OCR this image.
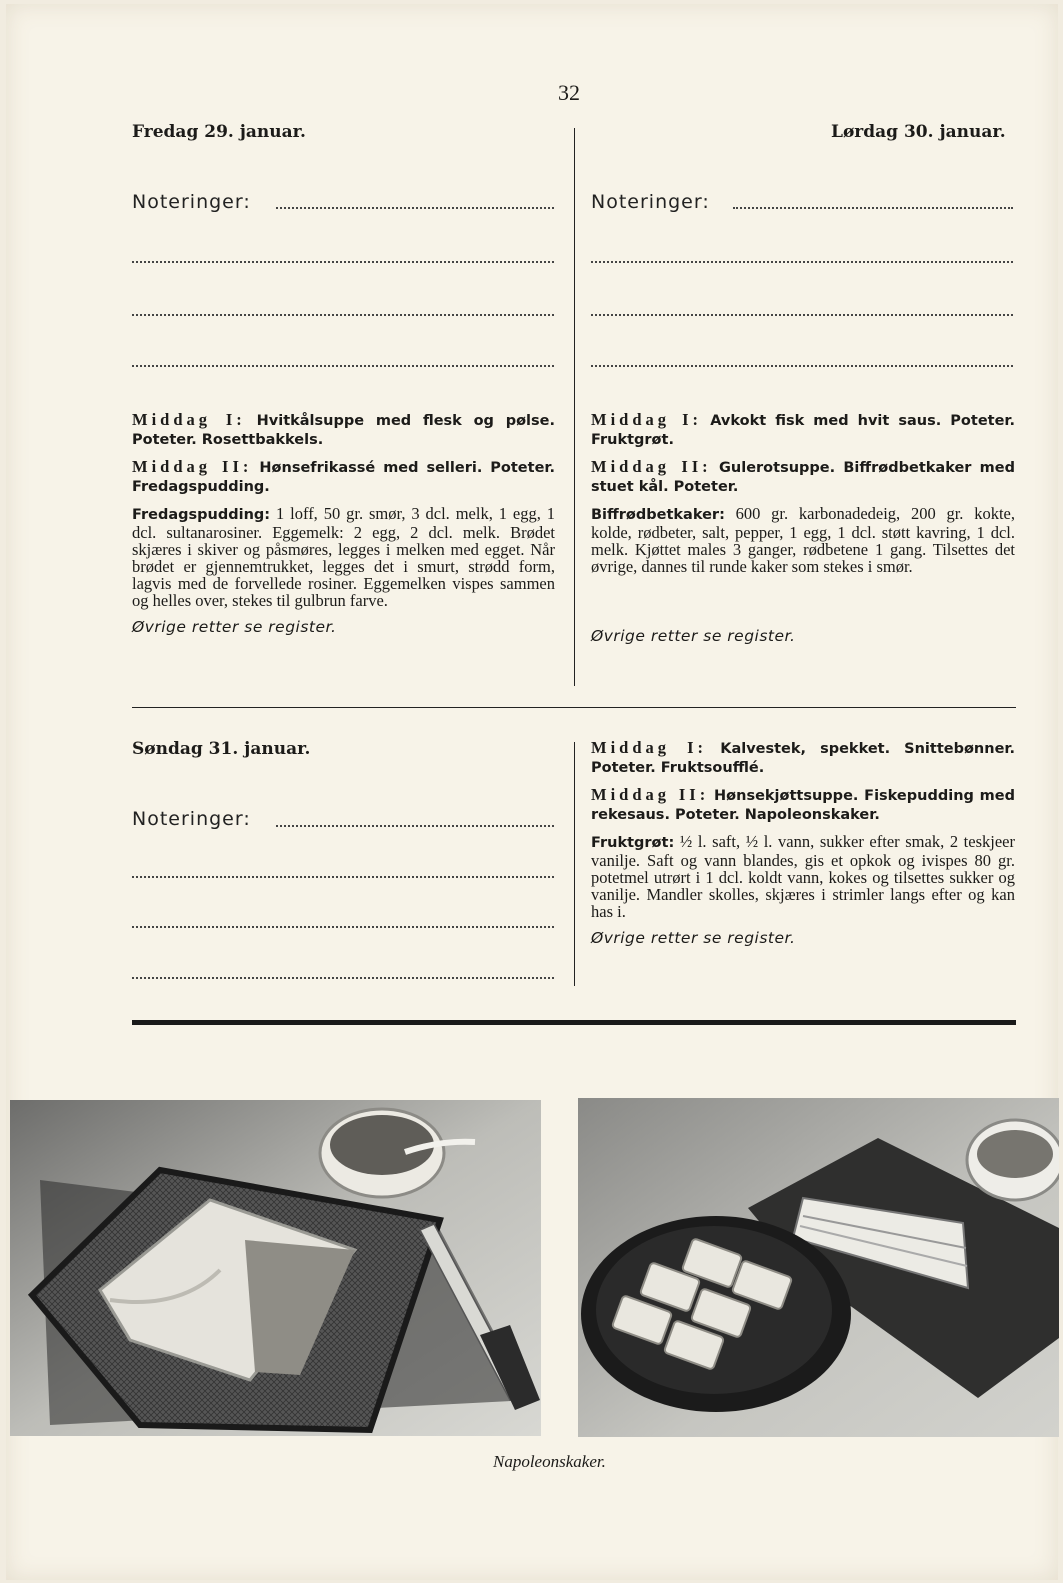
32
Fredag 29. januar.
Noteringer:

Middag I: Hvitkålsuppe med flesk og pølse. Poteter. Rosettbakkels.

Middag II: Hønsefrikassé med selleri. Poteter. Fredagspudding.

Fredagspudding: 1 loff, 50 gr. smør, 3 dcl. melk, 1 egg, 1 dcl. sultanarosiner. Eggemelk: 2 egg, 2 dcl. melk. Brødet skjæres i skiver og påsmøres, legges i melken med egget. Når brødet er gjennemtrukket, legges det i smurt, strødd form, lagvis med de forvellede rosiner. Eggemelken vispes sammen og helles over, stekes til gulbrun farve.

Øvrige retter se register.

Lørdag 30. januar.
Noteringer:

Middag I: Avkokt fisk med hvit saus. Poteter. Fruktgrøt.

Middag II: Gulerotsuppe. Biffrødbetkaker med stuet kål. Poteter.

Biffrødbetkaker: 600 gr. karbonadedeig, 200 gr. kokte, kolde, rødbeter, salt, pepper, 1 egg, 1 dcl. støtt kavring, 1 dcl. melk. Kjøttet males 3 ganger, rødbetene 1 gang. Tilsettes det øvrige, dannes til runde kaker som stekes i smør.

Øvrige retter se register.

Søndag 31. januar.
Noteringer:

Middag I: Kalvestek, spekket. Snittebønner. Poteter. Fruktsoufflé.

Middag II: Hønsekjøttsuppe. Fiskepudding med rekesaus. Poteter. Napoleonskaker.

Fruktgrøt: ½ l. saft, ½ l. vann, sukker efter smak, 2 teskjeer vanilje. Saft og vann blandes, gis et opkok og ivispes 80 gr. potetmel utrørt i 1 dcl. koldt vann, kokes og tilsettes sukker og vanilje. Mandler skolles, skjæres i strimler langs efter og kan has i.

Øvrige retter se register.

Napoleonskaker.
